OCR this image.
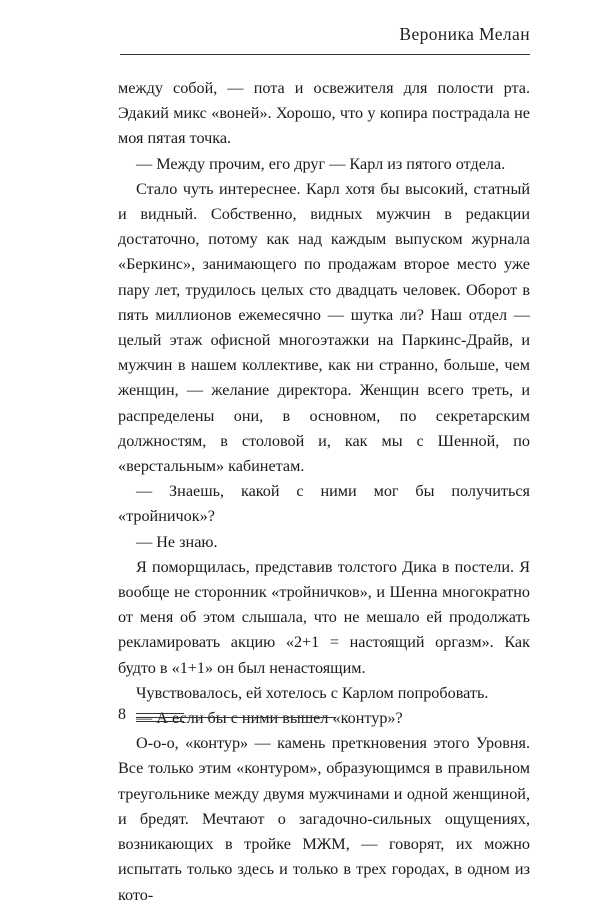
Вероника Мелан

между собой, — пота и освежителя для полости рта. Эдакий микс «воней». Хорошо, что у копира пострадала не моя пятая точка.

— Между прочим, его друг — Карл из пятого отдела.

Стало чуть интереснее. Карл хотя бы высокий, статный и видный. Собственно, видных мужчин в редакции достаточно, потому как над каждым выпуском журнала «Беркинс», занимающего по продажам второе место уже пару лет, трудилось целых сто двадцать человек. Оборот в пять миллионов ежемесячно — шутка ли? Наш отдел — целый этаж офисной многоэтажки на Паркинс-Драйв, и мужчин в нашем коллективе, как ни странно, больше, чем женщин, — желание директора. Женщин всего треть, и распределены они, в основном, по секретарским должностям, в столовой и, как мы с Шенной, по «верстальным» кабинетам.

— Знаешь, какой с ними мог бы получиться «тройничок»?

— Не знаю.

Я поморщилась, представив толстого Дика в постели. Я вообще не сторонник «тройничков», и Шенна многократно от меня об этом слышала, что не мешало ей продолжать рекламировать акцию «2+1 = настоящий оргазм». Как будто в «1+1» он был ненастоящим.

Чувствовалось, ей хотелось с Карлом попробовать.

— А если бы с ними вышел «контур»?

О-о-о, «контур» — камень преткновения этого Уровня. Все только этим «контуром», образующимся в правильном треугольнике между двумя мужчинами и одной женщиной, и бредят. Мечтают о загадочно-сильных ощущениях, возникающих в тройке МЖМ, — говорят, их можно испытать только здесь и только в трех городах, в одном из кото-

8
